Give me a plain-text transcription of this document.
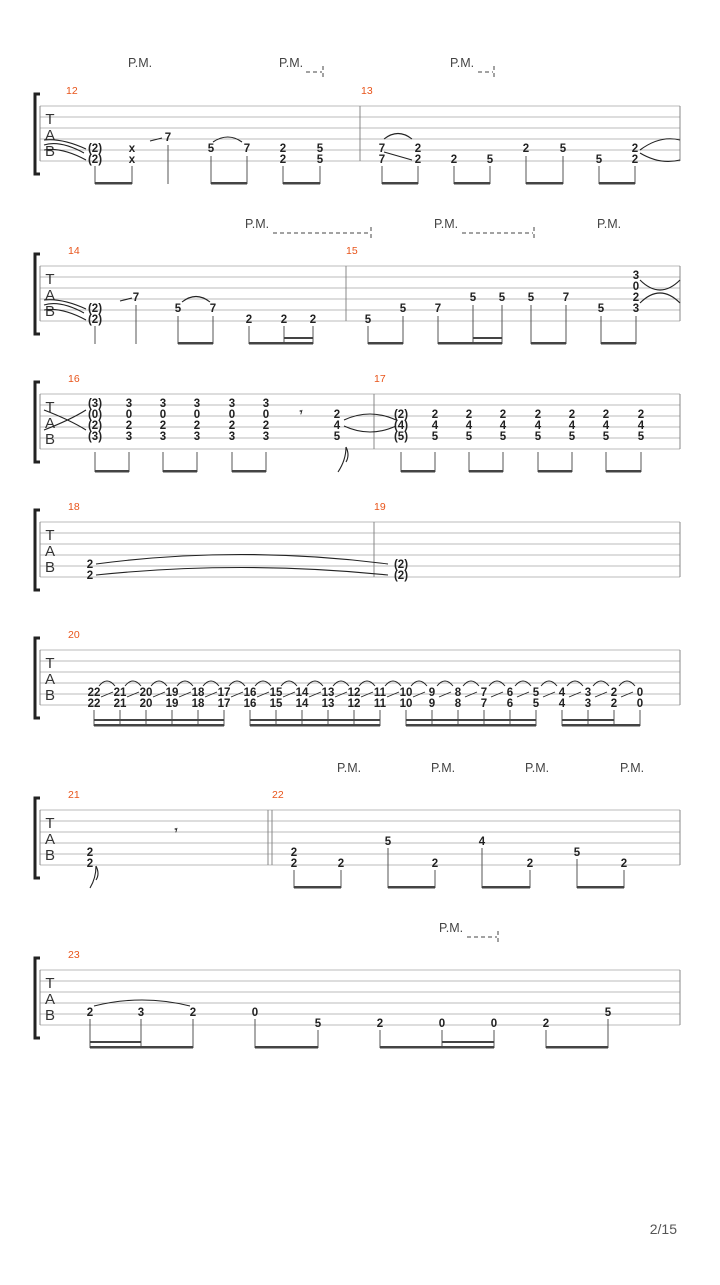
T
A
B
12	13
P.M.	P.M.	P.M.
(2)
(2)
x
x
7
5	7	2
2
5
5
7
7
2
2	2	5
2	5
5
2
2
T
A
B
14	15
P.M.	P.M.	P.M.
(2)
(2)
7
5 7
2 2 2	5
5 7
5 5 5 7
5
3
0
2
3
T
A
B
16	17
𝄾
(3)
(0)
(2)
(3)
3
0
2
3
3
0
2
3
3
0
2
3
3
0
2
3
3
0
2
3
2
4
5
(2)
(4)
(5)
2
4
5
2
4
5
2
4
5
2
4
5
2
4
5
2
4
5
2
4
5
T
A
B
18	19
2
2
(2)
(2)
T
A
B
20
22
22
21
21
20
20
19
19
18
18
17
17
16
16
15
15
14
14
13
13
12
12
11
11
10
10
9
9
8
8
7
7
6
6
5
5
4
4
3
3
2
2
0
0
T
A
B
21	22
P.M.	P.M.	P.M.	P.M.
𝄾
2
2
2
2	2
5
2
4
2
5
2
T
A
B
23
P.M.
2	3	2	0
5	2	0	0	2
5
2/15
